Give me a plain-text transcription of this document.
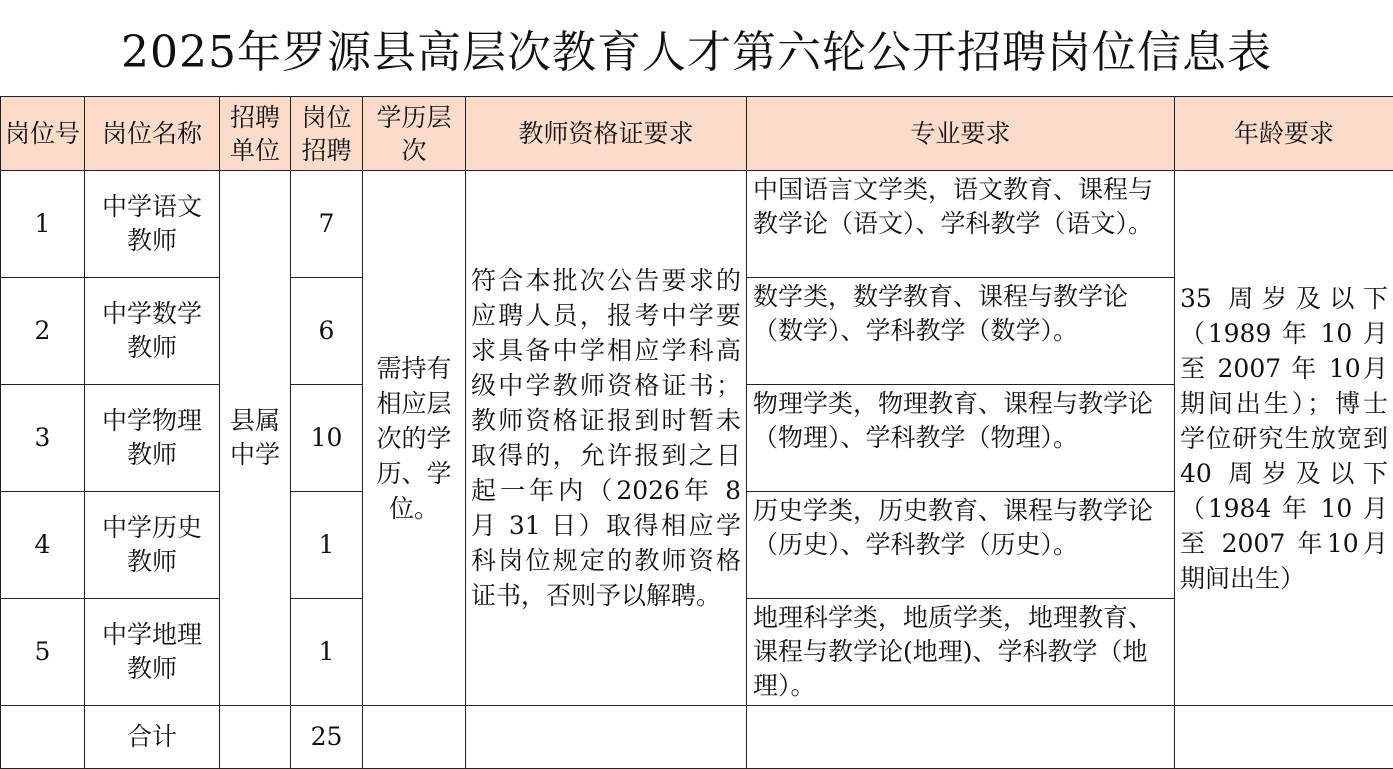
2025年罗源县高层次教育人才第六轮公开招聘岗位信息表
岗位号	岗位名称	招聘单位	岗位招聘	学历层次	教师资格证要求	专业要求	年龄要求
1	中学语文教师	县属中学	7	需持有相应层次的学历、学位。	符合本批次公告要求的应聘人员，报考中学要求具备中学相应学科高级中学教师资格证书；教师资格证报到时暂未取得的，允许报到之日起一年内（2026年 8 月 31 日）取得相应学科岗位规定的教师资格证书，否则予以解聘。	中国语言文学类，语文教育、课程与教学论（语文）、学科教学（语文）。	35 周岁及以下（1989 年 10 月至 2007 年 10月期间出生）；博士学位研究生放宽到 40 周岁及以下（1984 年 10 月至 2007 年10月期间出生）
2	中学数学教师		6			数学类，数学教育、课程与教学论（数学）、学科教学（数学）。	
3	中学物理教师		10			物理学类，物理教育、课程与教学论（物理）、学科教学（物理）。	
4	中学历史教师		1			历史学类，历史教育、课程与教学论（历史）、学科教学（历史）。	
5	中学地理教师		1			地理科学类，地质学类，地理教育、课程与教学论(地理)、学科教学（地理）。	
	合计		25				
